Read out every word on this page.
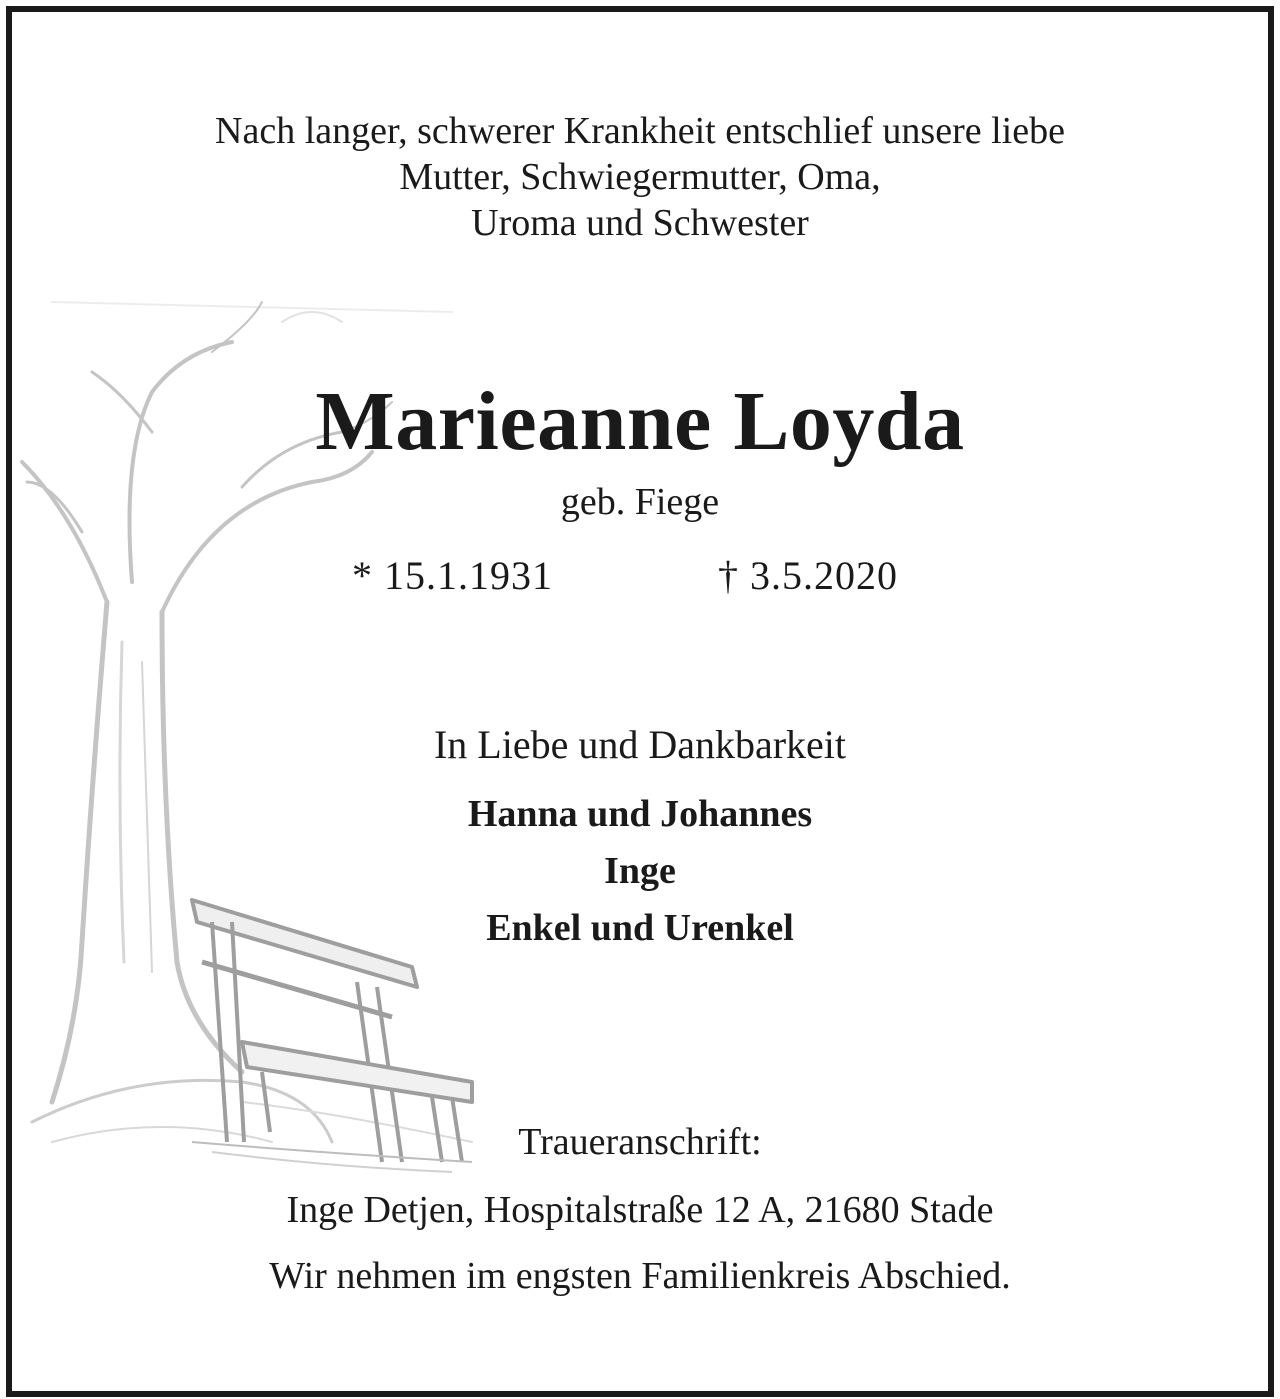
Nach langer, schwerer Krankheit entschlief unsere liebe
Mutter, Schwiegermutter, Oma,
Uroma und Schwester
Marieanne Loyda
geb. Fiege
* 15.1.1931	† 3.5.2020
In Liebe und Dankbarkeit
Hanna und Johannes
Inge
Enkel und Urenkel
Traueranschrift:
Inge Detjen, Hospitalstraße 12 A, 21680 Stade
Wir nehmen im engsten Familienkreis Abschied.
